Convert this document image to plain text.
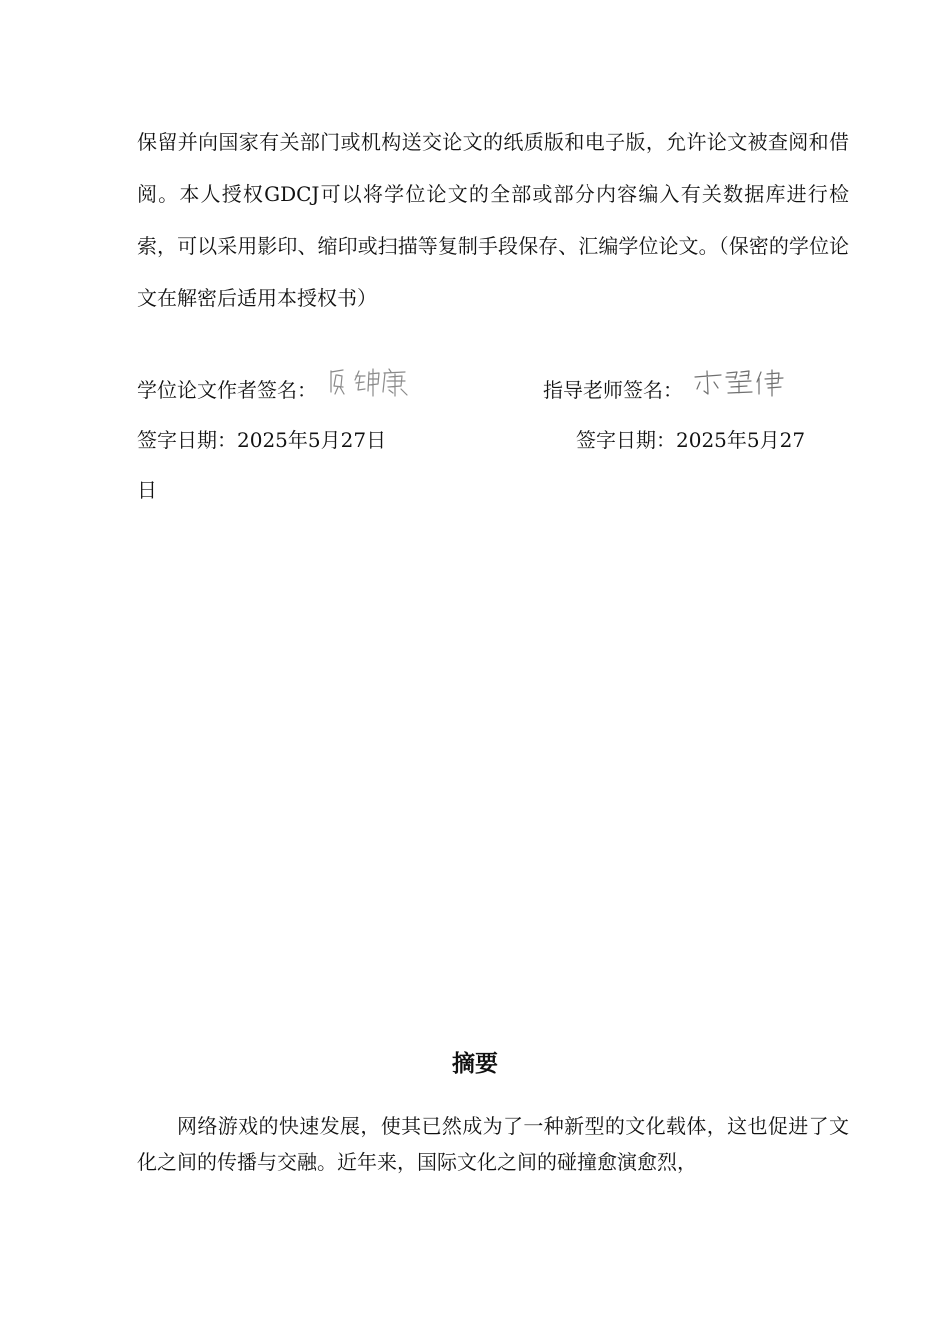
保留并向国家有关部门或机构送交论文的纸质版和电子版，允许论文被查阅和借阅。本人授权GDCJ可以将学位论文的全部或部分内容编入有关数据库进行检索，可以采用影印、缩印或扫描等复制手段保存、汇编学位论文。（保密的学位论文在解密后适用本授权书）

学位论文作者签名：	指导老师签名：
签字日期：2025年5月27日	签字日期：2025年5月27
日
摘要

网络游戏的快速发展，使其已然成为了一种新型的文化载体，这也促进了文化之间的传播与交融。近年来，国际文化之间的碰撞愈演愈烈，
